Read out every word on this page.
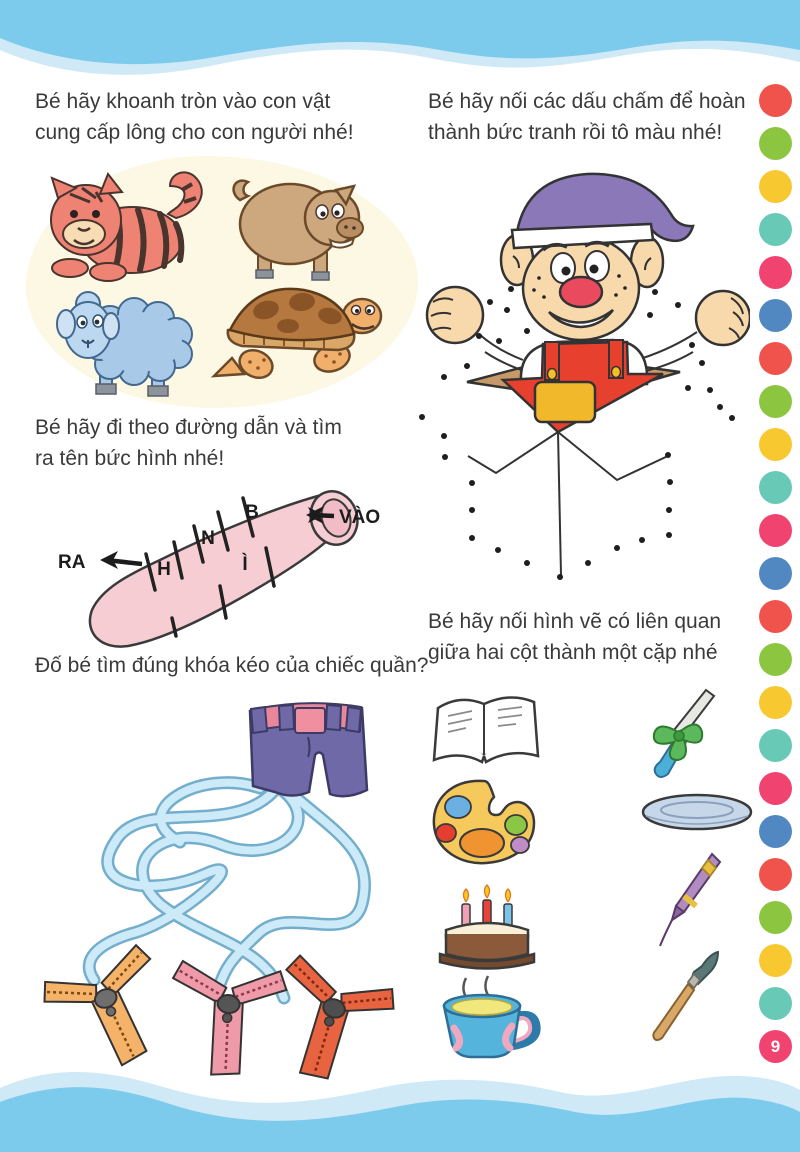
Bé hãy khoanh tròn vào con vật
cung cấp lông cho con người nhé!
Bé hãy đi theo đường dẫn và tìm
ra tên bức hình nhé!
B
N
Ì
H
VÀO
RA
Đố bé tìm đúng khóa kéo của chiếc quần?
Bé hãy nối các dấu chấm để hoàn
thành bức tranh rồi tô màu nhé!
Bé hãy nối hình vẽ có liên quan
giữa hai cột thành một cặp nhé
9
